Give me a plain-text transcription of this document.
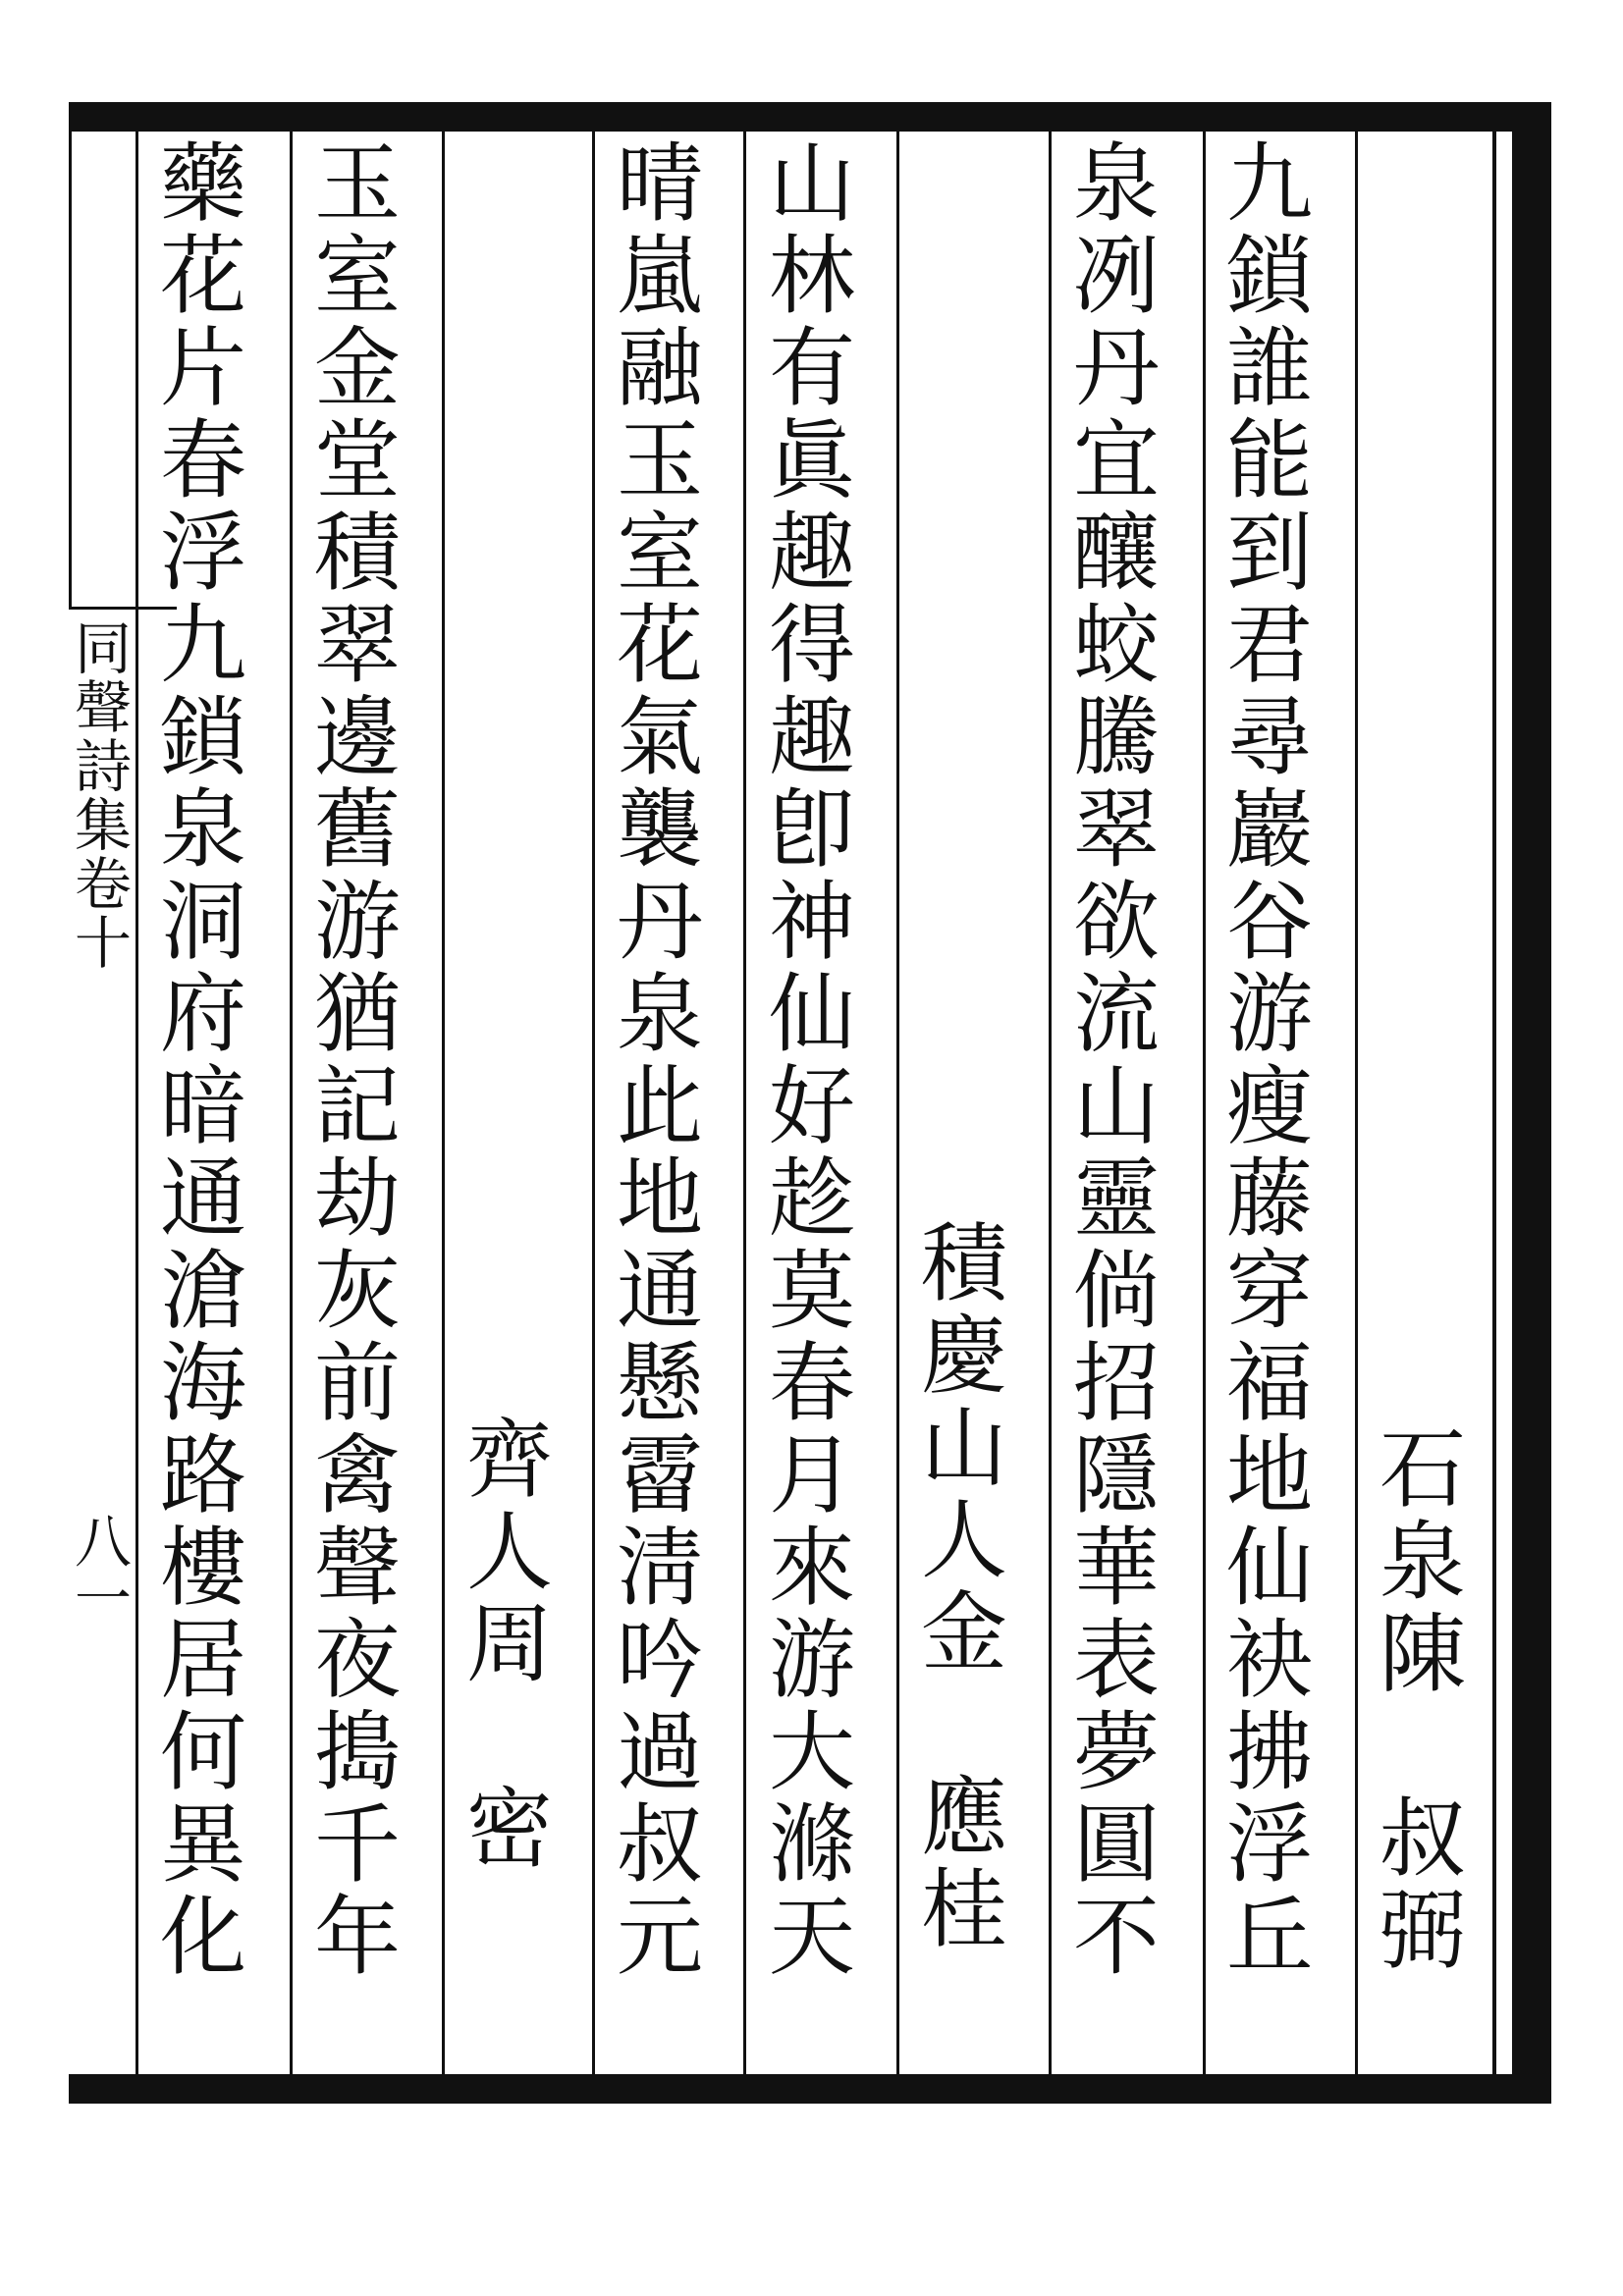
同聲詩集卷十
八一	石泉陳　叔弼
九鎖誰能到君尋巖谷游瘦藤穿福地仙袂拂浮丘
泉冽丹宜釀蛟騰翠欲流山靈倘招隱華表夢圓不
積慶山人金　應桂
山林有眞趣得趣卽神仙好趁莫春月來游大滌天
晴嵐融玉室花氣襲丹泉此地通懸霤淸吟過叔元
齊人周　密
玉室金堂積翠邊舊游猶記劫灰前禽聲夜搗千年
藥花片春浮九鎖泉洞府暗通滄海路樓居何異化
